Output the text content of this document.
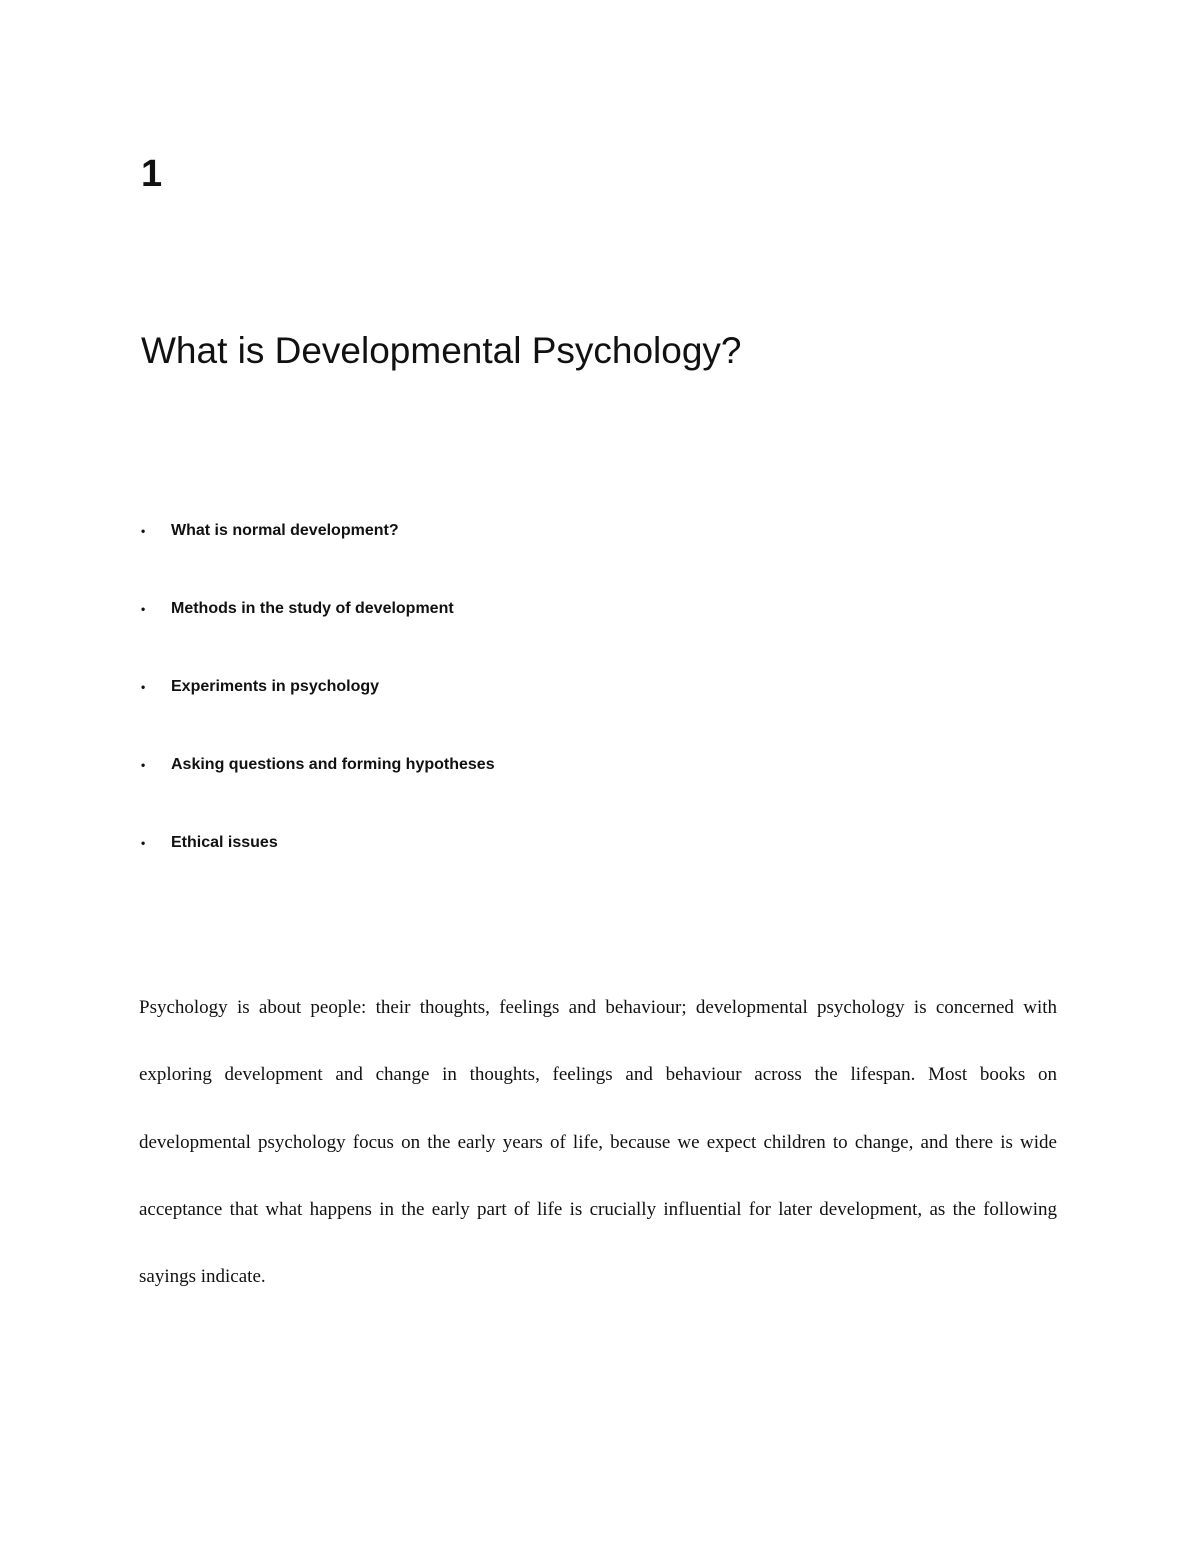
1
What is Developmental Psychology?
•	What is normal development?
•	Methods in the study of development
•	Experiments in psychology
•	Asking questions and forming hypotheses
•	Ethical issues

Psychology is about people: their thoughts, feelings and behaviour; developmental psychology is concerned with exploring development and change in thoughts, feelings and behaviour across the lifespan. Most books on developmental psychology focus on the early years of life, because we expect children to change, and there is wide acceptance that what happens in the early part of life is crucially influential for later development, as the following sayings indicate.
